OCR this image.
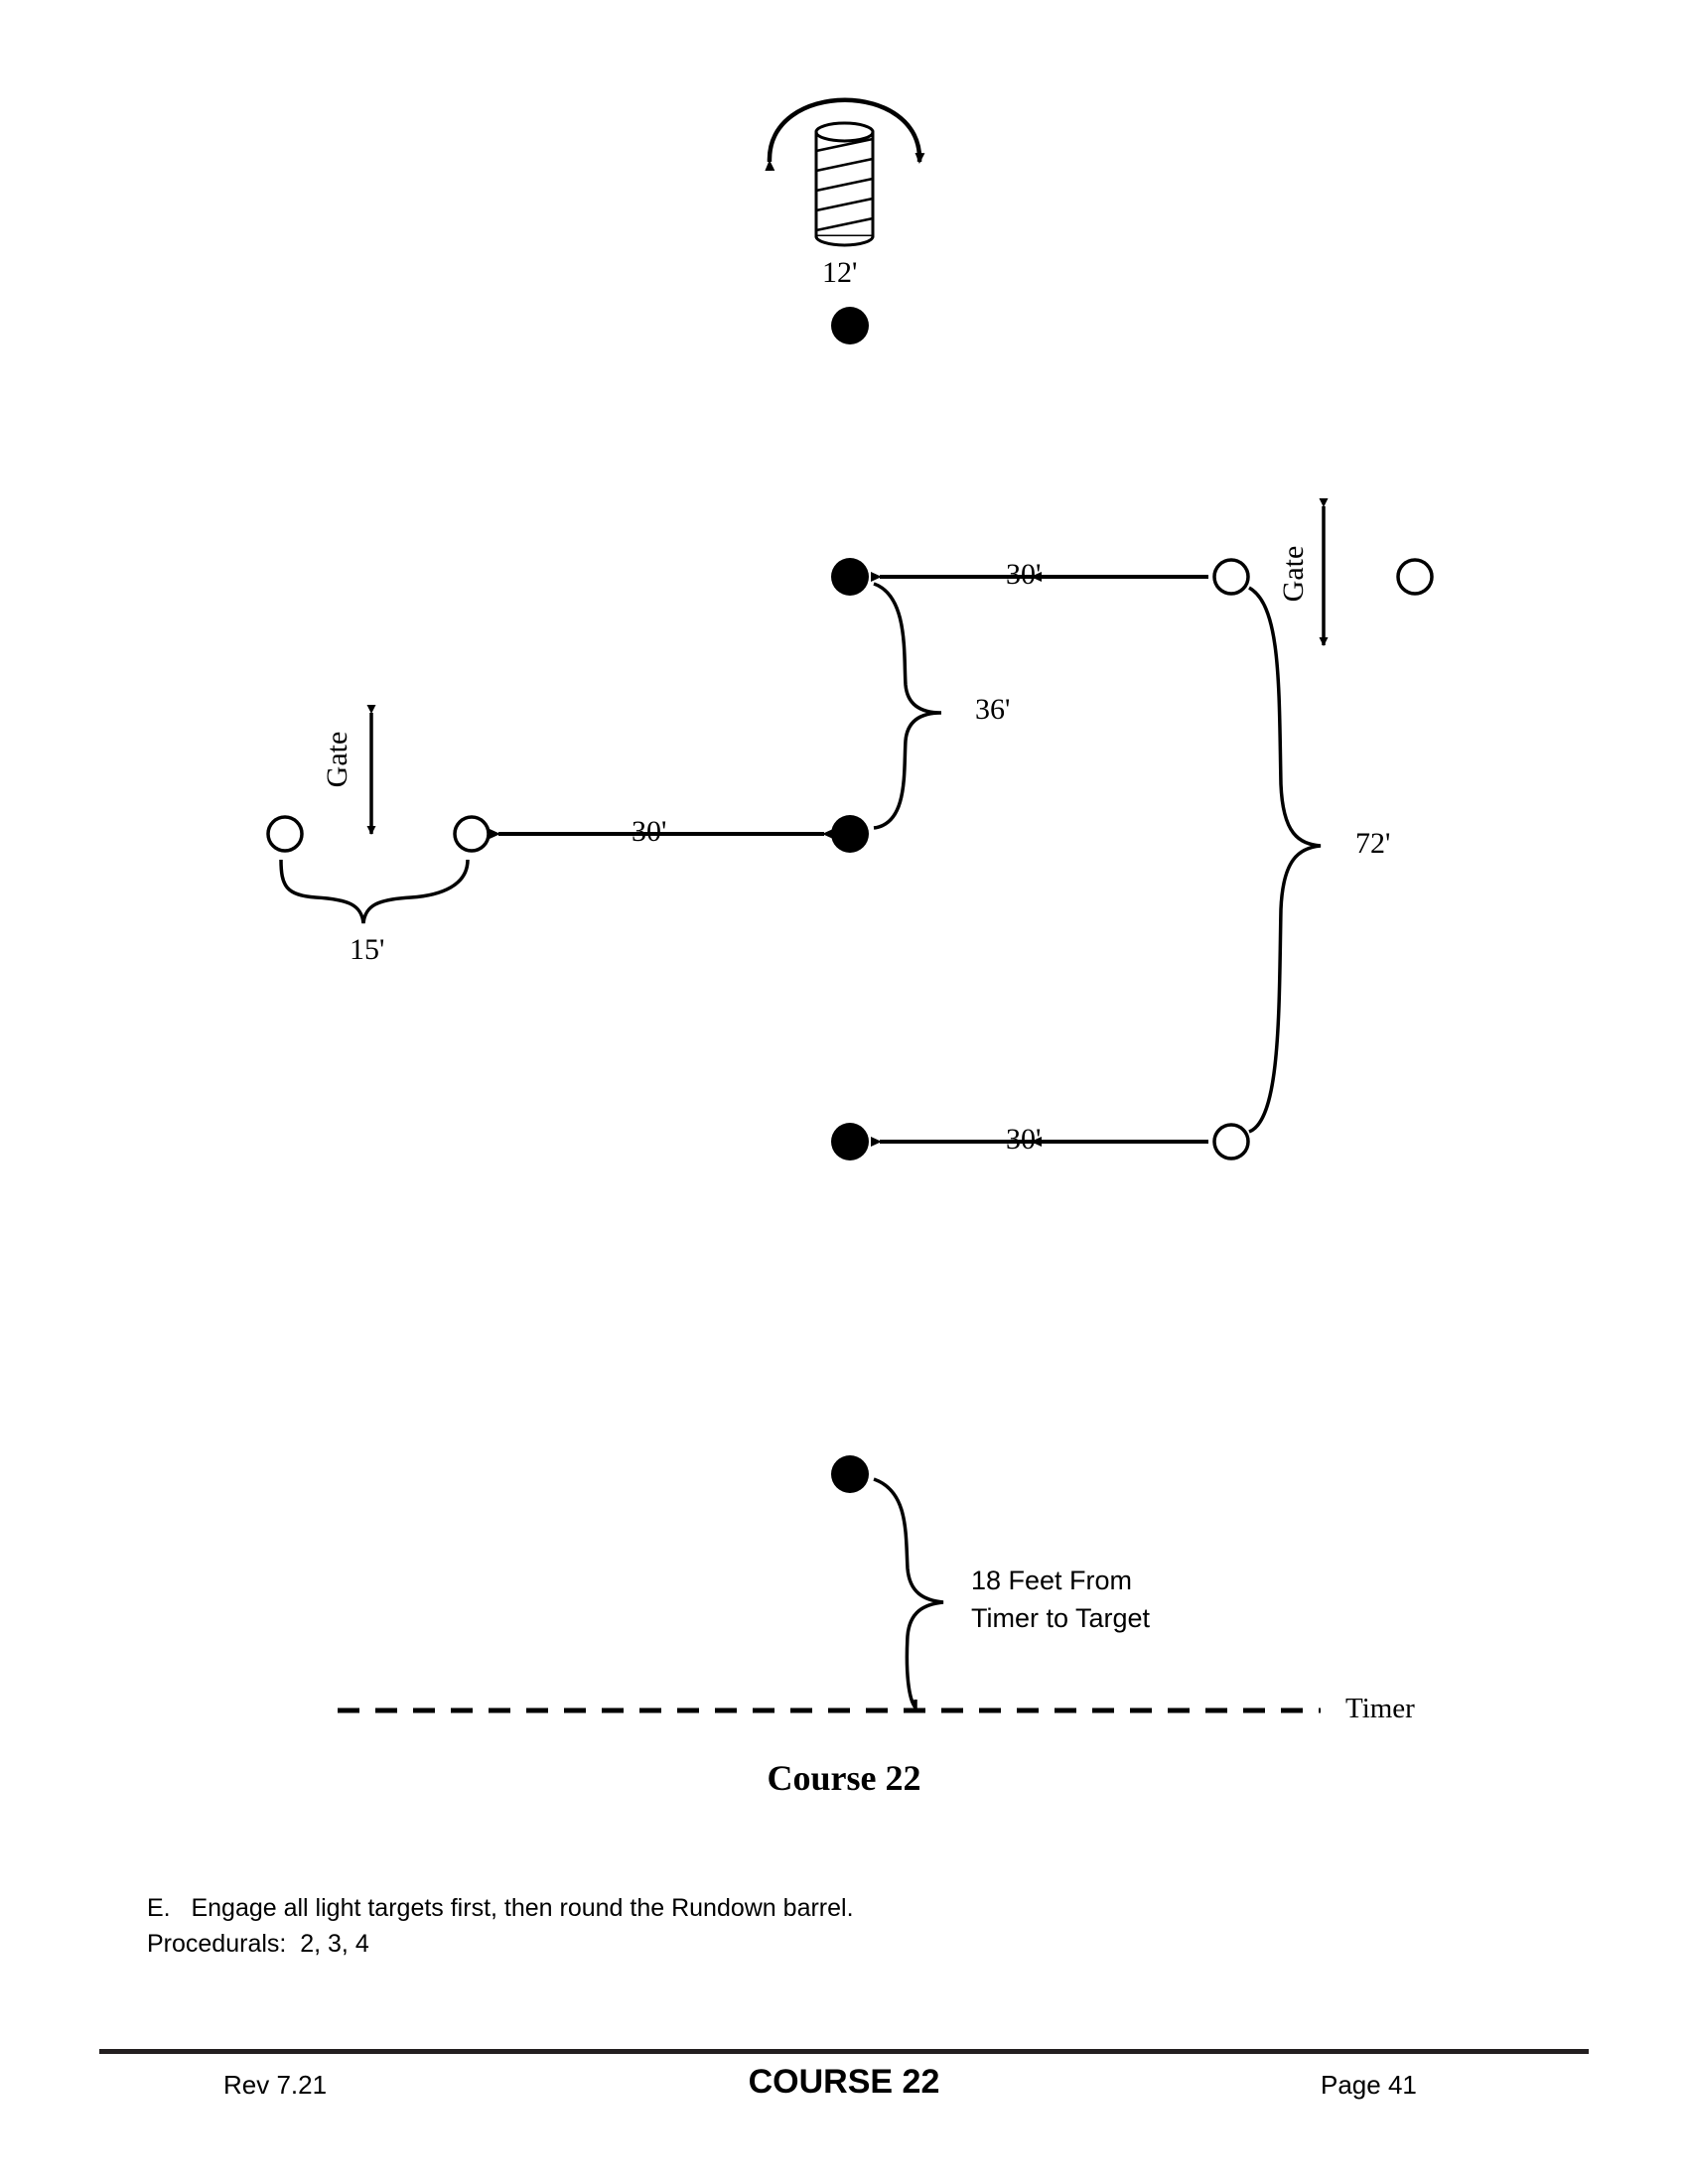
12'
30'
30'
30'
36'
72'
15'
Gate
Gate
18 Feet From
Timer to Target
Timer
Course 22
E.   Engage all light targets first, then round the Rundown barrel.
Procedurals:  2, 3, 4
Rev 7.21	COURSE 22	Page 41
